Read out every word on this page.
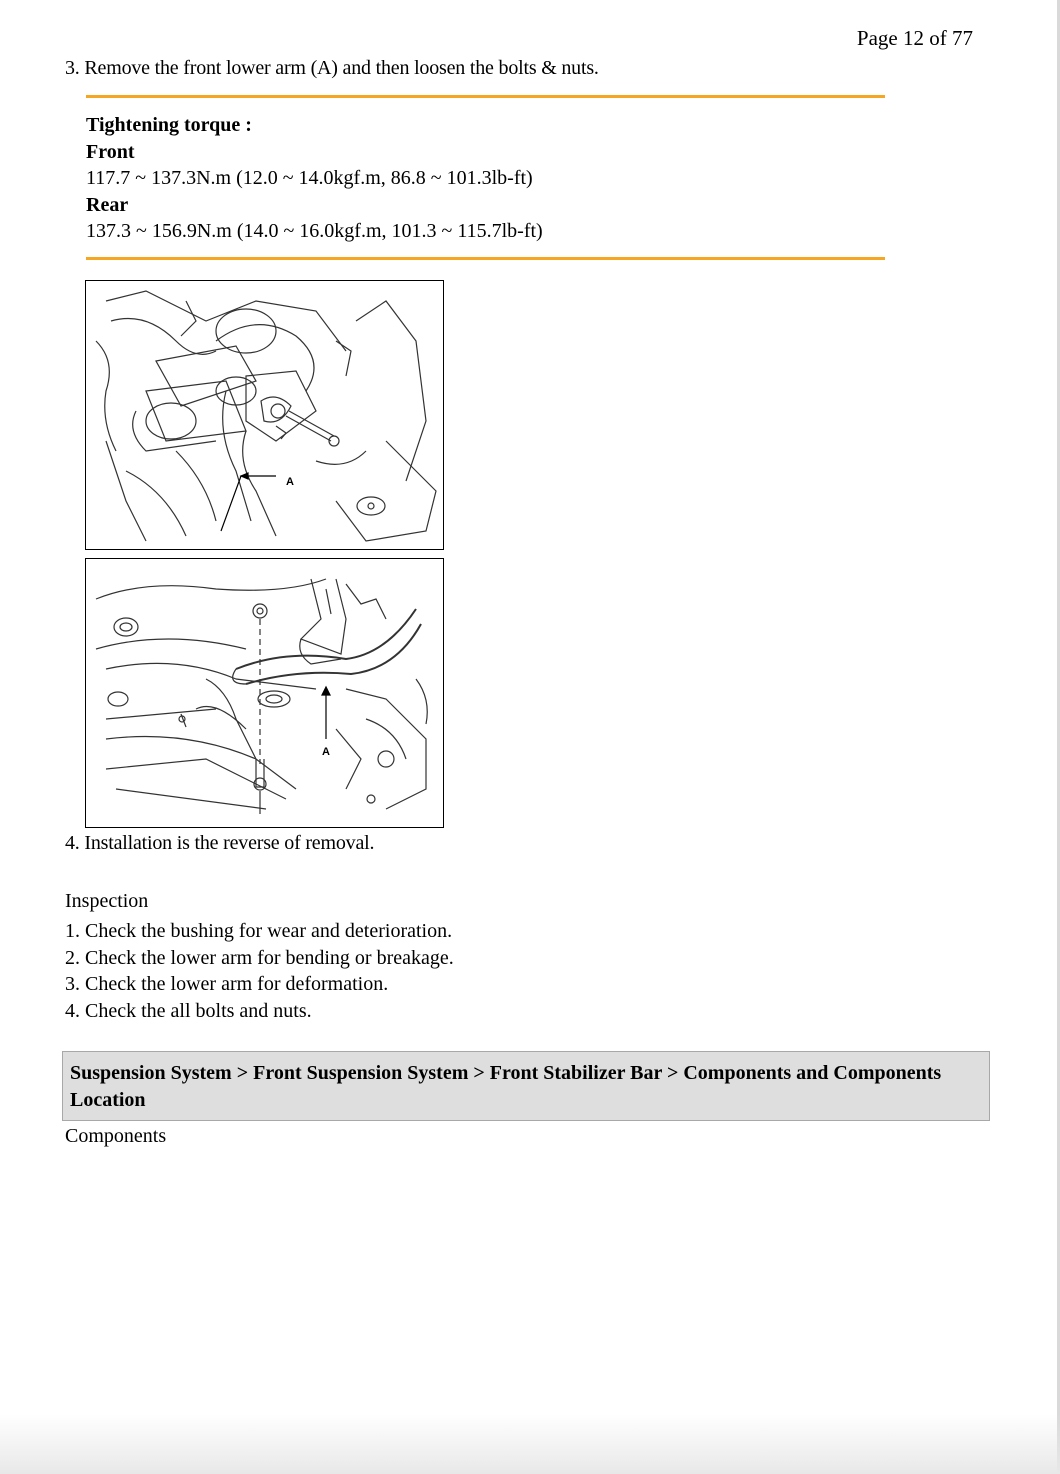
Page 12 of 77
3. Remove the front lower arm (A) and then loosen the bolts & nuts.
Tightening torque :
Front
117.7 ~ 137.3N.m (12.0 ~ 14.0kgf.m, 86.8 ~ 101.3lb-ft)
Rear
137.3 ~ 156.9N.m (14.0 ~ 16.0kgf.m, 101.3 ~ 115.7lb-ft)
A
A
4. Installation is the reverse of removal.
Inspection
1. Check the bushing for wear and deterioration.
2. Check the lower arm for bending or breakage.
3. Check the lower arm for deformation.
4. Check the all bolts and nuts.
Suspension System > Front Suspension System > Front Stabilizer Bar > Components and Components Location
Components
